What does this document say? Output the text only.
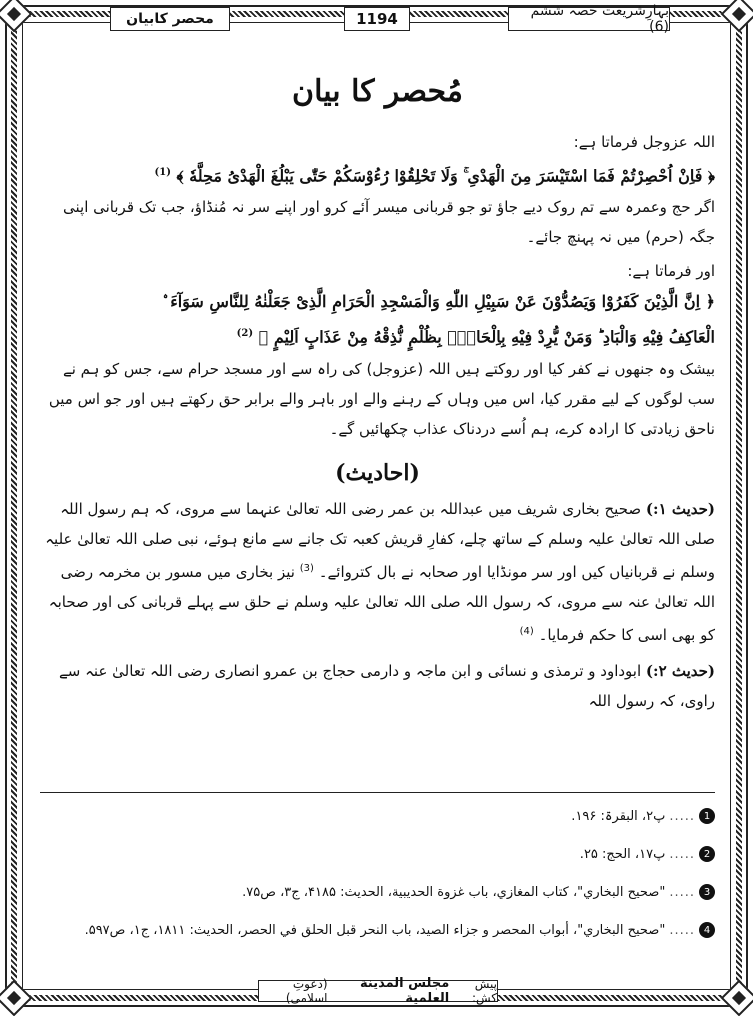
محصر کابیان	1194	بہارِشریعت حصہ ششم (6)
مُحصر کا بیان

اللہ عزوجل فرماتا ہے:

﴿ فَاِنْ اُحْصِرْتُمْ فَمَا اسْتَیْسَرَ مِنَ الْهَدْیِ ۚ وَلَا تَحْلِقُوْا رُءُوْسَكُمْ حَتّٰى یَبْلُغَ الْهَدْیُ مَحِلَّهٗ ﴾ $^{(1)}$

اگر حج وعمرہ سے تم روک دیے جاؤ تو جو قربانی میسر آئے کرو اور اپنے سر نہ مُنڈاؤ، جب تک قربانی اپنی جگہ (حرم) میں نہ پہنچ جائے۔

اور فرماتا ہے:

﴿ اِنَّ الَّذِیْنَ كَفَرُوْا وَیَصُدُّوْنَ عَنْ سَبِیْلِ اللّٰهِ وَالْمَسْجِدِ الْحَرَامِ الَّذِیْ جَعَلْنٰهُ لِلنَّاسِ سَوَآءَ ۨ

الْعَاكِفُ فِیْهِ وَالْبَادِ ؕ وَمَنْ یُّرِدْ فِیْهِ بِاِلْحَادٍۭ بِظُلْمٍ نُّذِقْهُ مِنْ عَذَابٍ اَلِیْمٍ ﴾ $^{(2)}$

بیشک وہ جنھوں نے کفر کیا اور روکتے ہیں اللہ (عزوجل) کی راہ سے اور مسجد حرام سے، جس کو ہم نے سب لوگوں کے لیے مقرر کیا، اس میں وہاں کے رہنے والے اور باہر والے برابر حق رکھتے ہیں اور جو اس میں ناحق زیادتی کا ارادہ کرے، ہم اُسے دردناک عذاب چکھائیں گے۔

(احادیث)

(حدیث ۱:) صحیح بخاری شریف میں عبداللہ بن عمر رضی اللہ تعالیٰ عنہما سے مروی، کہ ہم رسول اللہ صلی اللہ تعالیٰ علیہ وسلم کے ساتھ چلے، کفارِ قریش کعبہ تک جانے سے مانع ہوئے، نبی صلی اللہ تعالیٰ علیہ وسلم نے قربانیاں کیں اور سر مونڈایا اور صحابہ نے بال کتروائے۔ $^{(3)}$ نیز بخاری میں مسور بن مخرمہ رضی اللہ تعالیٰ عنہ سے مروی، کہ رسول اللہ صلی اللہ تعالیٰ علیہ وسلم نے حلق سے پہلے قربانی کی اور صحابہ کو بھی اسی کا حکم فرمایا۔ $^{(4)}$

(حدیث ۲:) ابوداود و ترمذی و نسائی و ابن ماجہ و دارمی حجاج بن عمرو انصاری رضی اللہ تعالیٰ عنہ سے راوی، کہ رسول اللہ

1
.....
پ۲، البقرۃ: ۱۹۶.
2
.....
پ۱۷، الحج: ۲۵.
3
.....
"صحیح البخاري"، کتاب المغازي، باب غزوة الحدیبیة، الحدیث: ۴۱۸۵، ج۳، ص۷۵.
4
.....
"صحیح البخاري"، أبواب المحصر و جزاء الصید، باب النحر قبل الحلق في الحصر، الحدیث: ۱۸۱۱، ج۱، ص۵۹۷.
پیش کش:
مجلس المدینة العلمیة
(دعوتِ اسلامی)
